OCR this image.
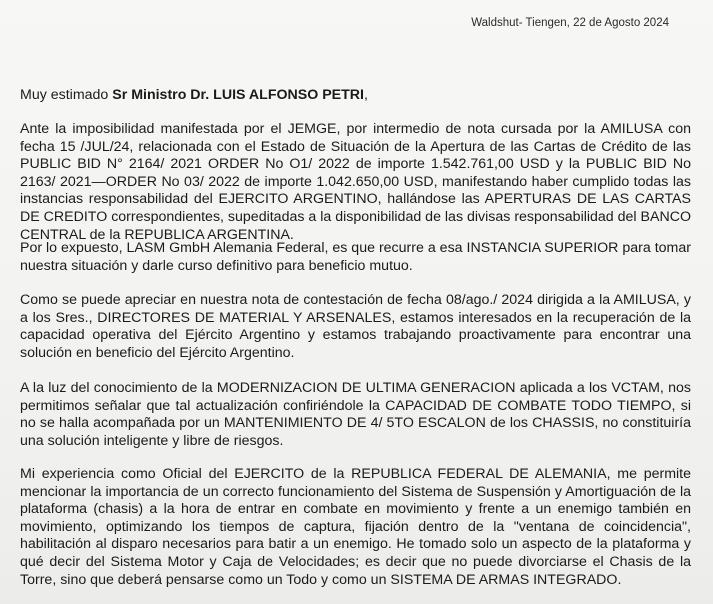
Waldshut- Tiengen, 22 de Agosto 2024
Muy estimado Sr Ministro Dr. LUIS ALFONSO PETRI,

Ante la imposibilidad manifestada por el JEMGE, por intermedio de nota cursada por la AMILUSA con fecha 15 /JUL/24, relacionada con el Estado de Situación de la Apertura de las Cartas de Crédito de las PUBLIC BID N° 2164/ 2021 ORDER No O1/ 2022 de importe 1.542.761,00 USD y la PUBLIC BID No 2163/ 2021—ORDER No 03/ 2022 de importe 1.042.650,00 USD, manifestando haber cumplido todas las instancias responsabilidad del EJERCITO ARGENTINO, hallándose las APERTURAS DE LAS CARTAS DE CREDITO correspondientes, supeditadas a la disponibilidad de las divisas responsabilidad del BANCO CENTRAL de la REPUBLICA ARGENTINA.

Por lo expuesto, LASM GmbH Alemania Federal, es que recurre a esa INSTANCIA SUPERIOR para tomar nuestra situación y darle curso definitivo para beneficio mutuo.

Como se puede apreciar en nuestra nota de contestación de fecha 08/ago./ 2024 dirigida a la AMILUSA, y a los Sres., DIRECTORES DE MATERIAL Y ARSENALES, estamos interesados en la recuperación de la capacidad operativa del Ejército Argentino y estamos trabajando proactivamente para encontrar una solución en beneficio del Ejército Argentino.

A la luz del conocimiento de la MODERNIZACION DE ULTIMA GENERACION aplicada a los VCTAM, nos permitimos señalar que tal actualización confiriéndole la CAPACIDAD DE COMBATE TODO TIEMPO, si no se halla acompañada por un MANTENIMIENTO DE 4/ 5TO ESCALON de los CHASSIS, no constituiría una solución inteligente y libre de riesgos.

Mi experiencia como Oficial del EJERCITO de la REPUBLICA FEDERAL DE ALEMANIA, me permite mencionar la importancia de un correcto funcionamiento del Sistema de Suspensión y Amortiguación de la plataforma (chasis) a la hora de entrar en combate en movimiento y frente a un enemigo también en movimiento, optimizando los tiempos de captura, fijación dentro de la "ventana de coincidencia", habilitación al disparo necesarios para batir a un enemigo. He tomado solo un aspecto de la plataforma y qué decir del Sistema Motor y Caja de Velocidades; es decir que no puede divorciarse el Chasis de la Torre, sino que deberá pensarse como un Todo y como un SISTEMA DE ARMAS INTEGRADO.
